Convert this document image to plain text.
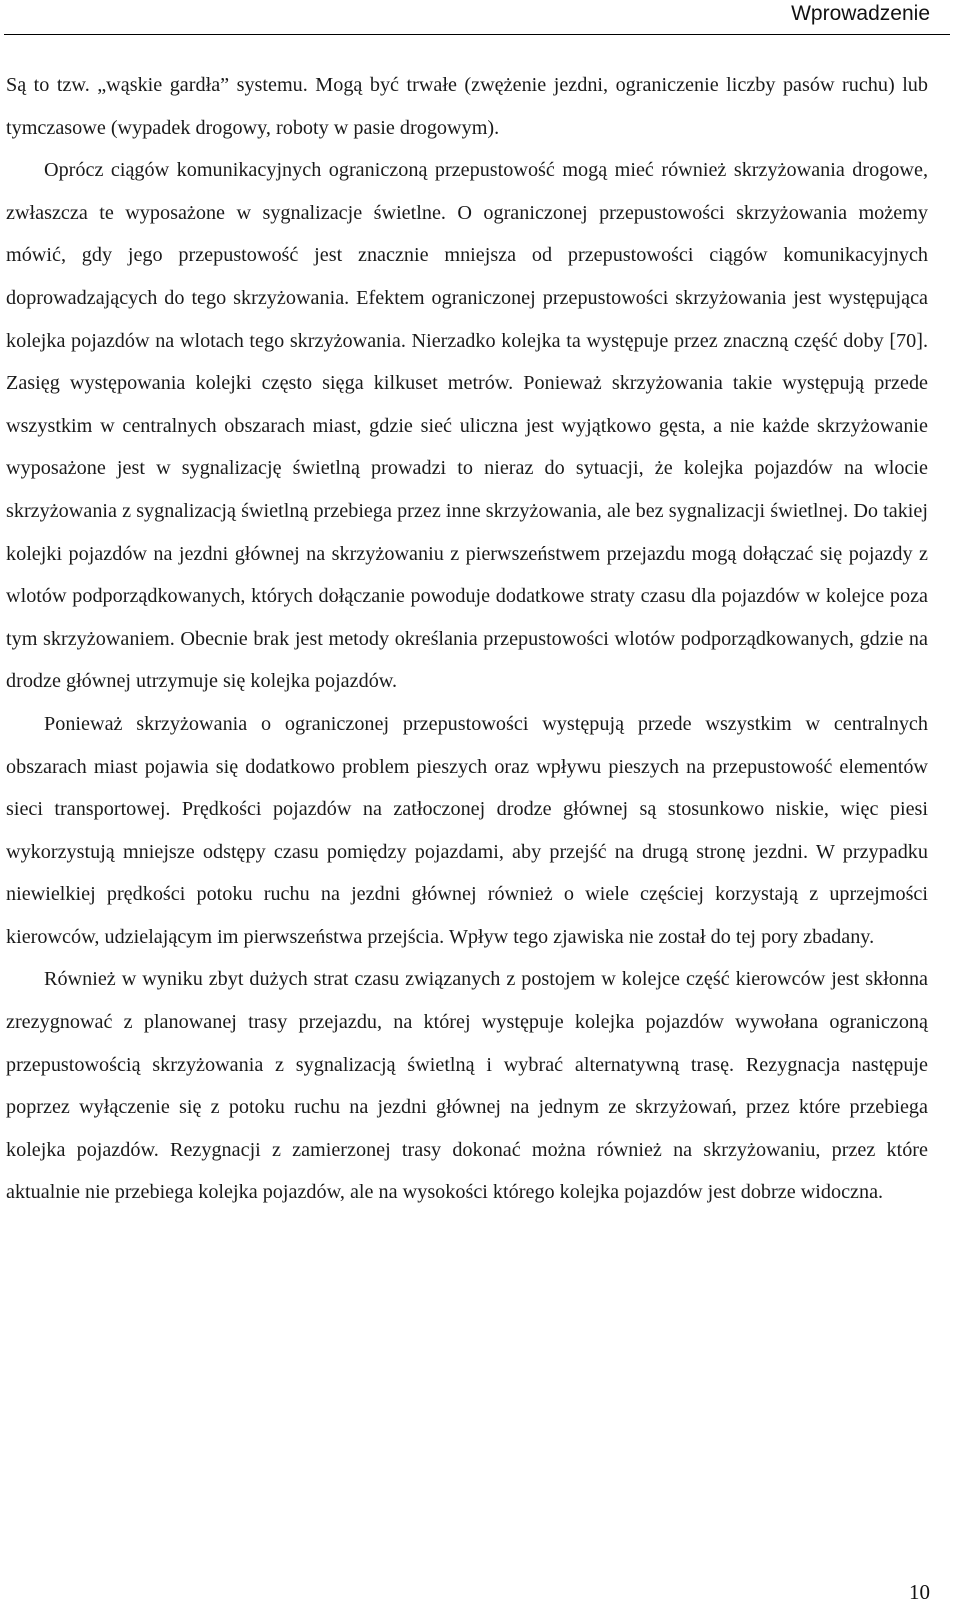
Wprowadzenie

Są to tzw. „wąskie gardła” systemu. Mogą być trwałe (zwężenie jezdni, ograniczenie liczby pasów ruchu) lub tymczasowe (wypadek drogowy, roboty w pasie drogowym).

Oprócz ciągów komunikacyjnych ograniczoną przepustowość mogą mieć również skrzyżowania drogowe, zwłaszcza te wyposażone w sygnalizacje świetlne. O ograniczonej przepustowości skrzyżowania możemy mówić, gdy jego przepustowość jest znacznie mniejsza od przepustowości ciągów komunikacyjnych doprowadzających do tego skrzyżowania. Efektem ograniczonej przepustowości skrzyżowania jest występująca kolejka pojazdów na wlotach tego skrzyżowania. Nierzadko kolejka ta występuje przez znaczną część doby [70]. Zasięg występowania kolejki często sięga kilkuset metrów. Ponieważ skrzyżowania takie występują przede wszystkim w centralnych obszarach miast, gdzie sieć uliczna jest wyjątkowo gęsta, a nie każde skrzyżowanie wyposażone jest w sygnalizację świetlną prowadzi to nieraz do sytuacji, że kolejka pojazdów na wlocie skrzyżowania z sygnalizacją świetlną przebiega przez inne skrzyżowania, ale bez sygnalizacji świetlnej. Do takiej kolejki pojazdów na jezdni głównej na skrzyżowaniu z pierwszeństwem przejazdu mogą dołączać się pojazdy z wlotów podporządkowanych, których dołączanie powoduje dodatkowe straty czasu dla pojazdów w kolejce poza tym skrzyżowaniem. Obecnie brak jest metody określania przepustowości wlotów podporządkowanych, gdzie na drodze głównej utrzymuje się kolejka pojazdów.

Ponieważ skrzyżowania o ograniczonej przepustowości występują przede wszystkim w centralnych obszarach miast pojawia się dodatkowo problem pieszych oraz wpływu pieszych na przepustowość elementów sieci transportowej. Prędkości pojazdów na zatłoczonej drodze głównej są stosunkowo niskie, więc piesi wykorzystują mniejsze odstępy czasu pomiędzy pojazdami, aby przejść na drugą stronę jezdni. W przypadku niewielkiej prędkości potoku ruchu na jezdni głównej również o wiele częściej korzystają z uprzejmości kierowców, udzielającym im pierwszeństwa przejścia. Wpływ tego zjawiska nie został do tej pory zbadany.

Również w wyniku zbyt dużych strat czasu związanych z postojem w kolejce część kierowców jest skłonna zrezygnować z planowanej trasy przejazdu, na której występuje kolejka pojazdów wywołana ograniczoną przepustowością skrzyżowania z sygnalizacją świetlną i wybrać alternatywną trasę. Rezygnacja następuje poprzez wyłączenie się z potoku ruchu na jezdni głównej na jednym ze skrzyżowań, przez które przebiega kolejka pojazdów. Rezygnacji z zamierzonej trasy dokonać można również na skrzyżowaniu, przez które aktualnie nie przebiega kolejka pojazdów, ale na wysokości którego kolejka pojazdów jest dobrze widoczna.

10
